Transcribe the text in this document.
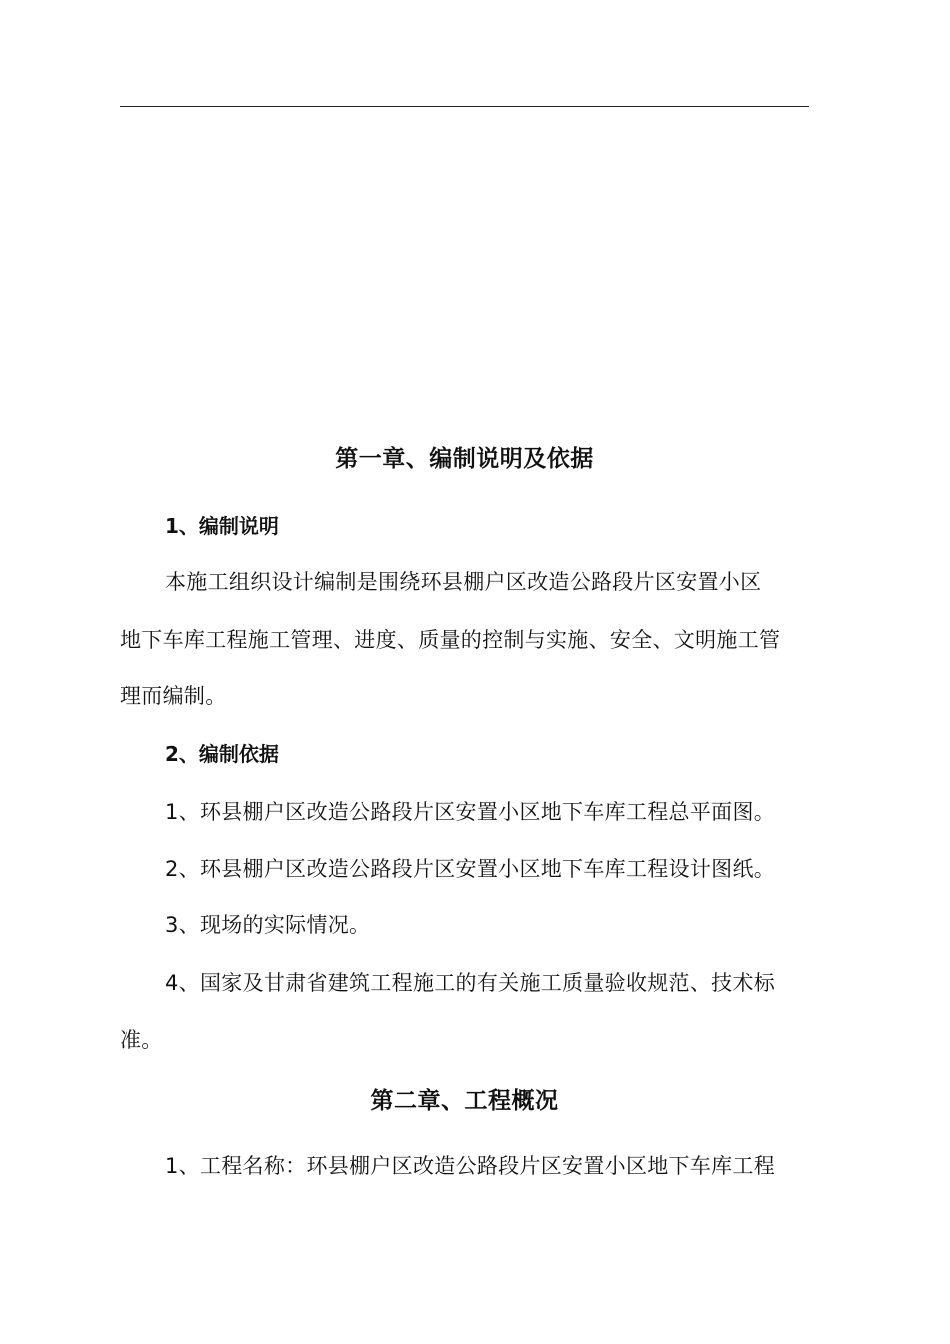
第一章、编制说明及依据
1、编制说明
本施工组织设计编制是围绕环县棚户区改造公路段片区安置小区
地下车库工程施工管理、进度、质量的控制与实施、安全、文明施工管
理而编制。
2、编制依据
1、环县棚户区改造公路段片区安置小区地下车库工程总平面图。
2、环县棚户区改造公路段片区安置小区地下车库工程设计图纸。
3、现场的实际情况。
4、国家及甘肃省建筑工程施工的有关施工质量验收规范、技术标
准。
第二章、工程概况
1、工程名称：环县棚户区改造公路段片区安置小区地下车库工程
